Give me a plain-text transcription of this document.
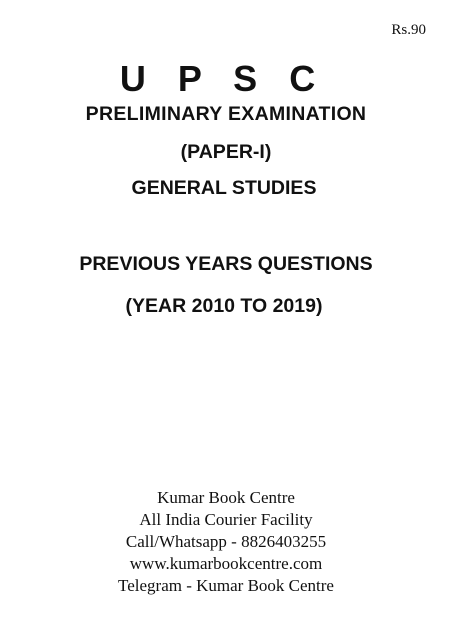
Rs.90
U P S C
PRELIMINARY EXAMINATION
(PAPER-I)
GENERAL STUDIES
PREVIOUS YEARS QUESTIONS
(YEAR 2010 TO 2019)
Kumar Book Centre
All India Courier Facility
Call/Whatsapp - 8826403255
www.kumarbookcentre.com
Telegram - Kumar Book Centre
